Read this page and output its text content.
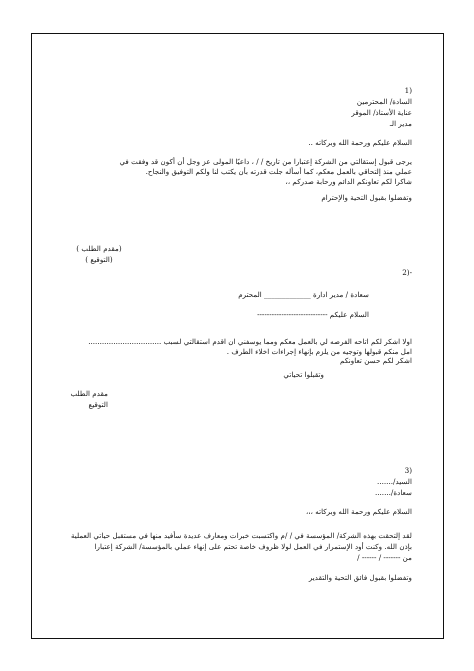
(1
السادة/ المحترمين
عناية الأستاذ/ الموقر
مدير الـ
السلام عليكم ورحمة الله وبركاته ..
يرجى قبول إستقالتي من الشركة إعتبارا من تاريخ / / ، داعيًا المولى عز وجل أن أكون قد وفقت في
عملي منذ إلتحاقي بالعمل معكم، كما أسأله جلت قدرته بأن يكتب لنا ولكم التوفيق والنجاح.
شاكرا لكم تعاونكم الدائم ورحابة صدركم ،،
وتفضلوا بقبول التحية والإحترام
(مقدم الطلب )
(التوقيع )
-(2
سعادة / مدير ادارة _____________ المحترم
السلام عليكم -----------------------------
اولا اشكر لكم اتاحه الفرصه لي بالعمل معكم ومما يوسفني ان اقدم استقالتي لسبب ................................
امل منكم قبولها وتوجيه من يلزم بإنهاء إجراءات اخلاء الطرف .
اشكر لكم حسن تعاونكم
وتقبلوا تحياتي
مقدم الطلب
التوقيع
(3
السيد/.......
سعادة/.......
السلام عليكم ورحمة الله وبركاته ،،،
لقد إلتحقت بهذه الشركة/ المؤسسة في / /م واكتسبت خبرات ومعارف عديدة سأفيد منها في مستقبل حياتي العملية
بإذن الله. وكنت أود الإستمرار في العمل لولا ظروف خاصة تحتم على إنهاء عملي بالمؤسسة/ الشركة إعتبارا
من ------- / ------ /
وتفضلوا بقبول فائق التحية والتقدير
